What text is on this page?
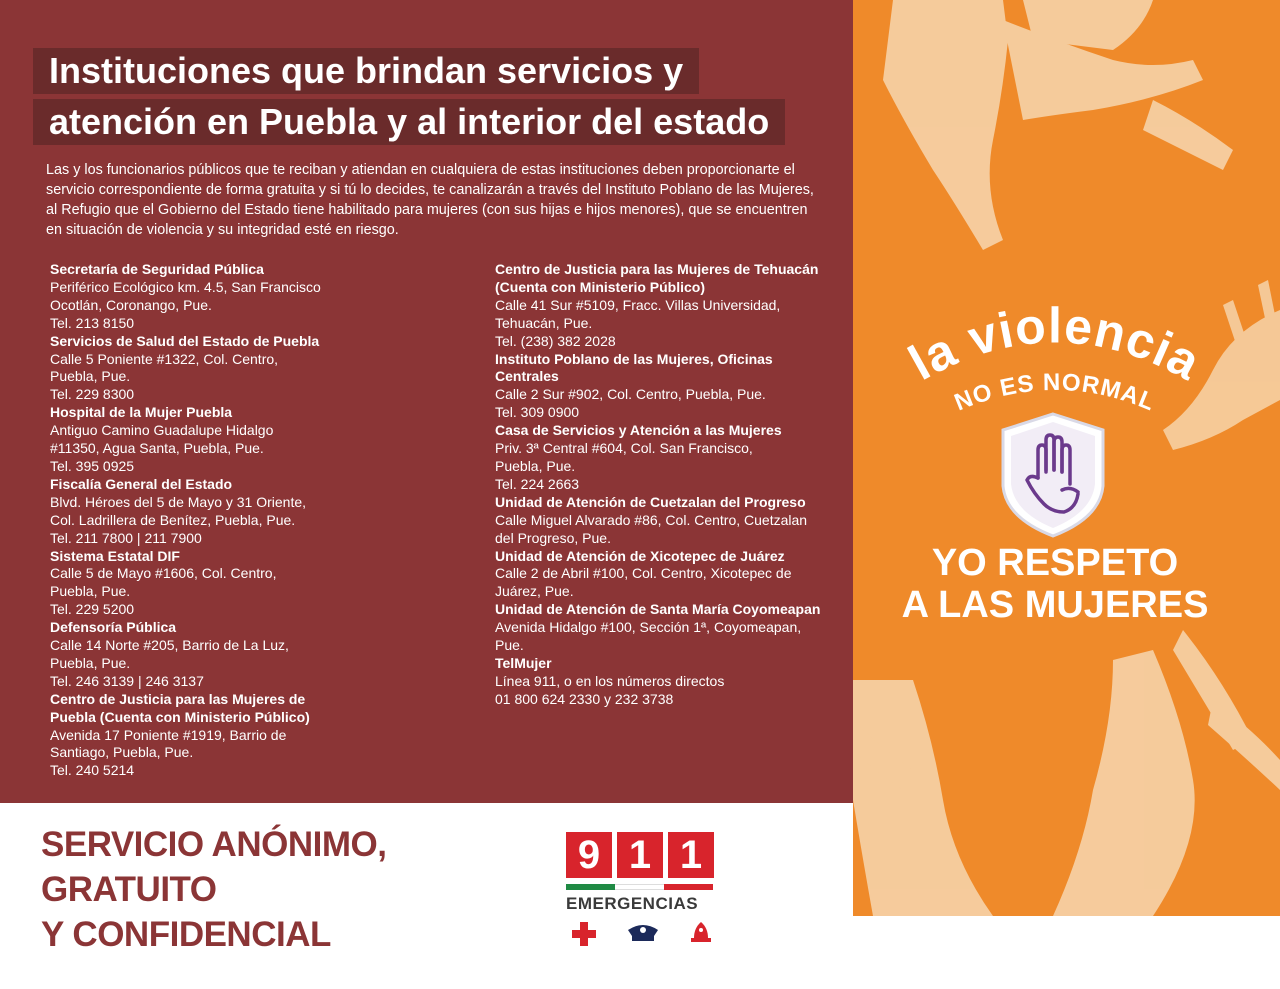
Instituciones que brindan servicios y
atención en Puebla y al interior del estado
Las y los funcionarios públicos que te reciban y atiendan en cualquiera de estas instituciones deben proporcionarte el servicio correspondiente de forma gratuita y si tú lo decides, te canalizarán a través del Instituto Poblano de las Mujeres, al Refugio que el Gobierno del Estado tiene habilitado para mujeres (con sus hijas e hijos menores), que se encuentren en situación de violencia y su integridad esté en riesgo.
Secretaría de Seguridad Pública
Periférico Ecológico km. 4.5, San Francisco
Ocotlán, Coronango, Pue.
Tel. 213 8150
Servicios de Salud del Estado de Puebla
Calle 5 Poniente #1322, Col. Centro,
Puebla, Pue.
Tel. 229 8300
Hospital de la Mujer Puebla
Antiguo Camino Guadalupe Hidalgo
#11350, Agua Santa, Puebla, Pue.
Tel. 395 0925
Fiscalía General del Estado
Blvd. Héroes del 5 de Mayo y 31 Oriente,
Col. Ladrillera de Benítez, Puebla, Pue.
Tel. 211 7800 | 211 7900
Sistema Estatal DIF
Calle 5 de Mayo #1606, Col. Centro,
Puebla, Pue.
Tel. 229 5200
Defensoría Pública
Calle 14 Norte #205, Barrio de La Luz,
Puebla, Pue.
Tel. 246 3139 | 246 3137
Centro de Justicia para las Mujeres de
Puebla (Cuenta con Ministerio Público)
Avenida 17 Poniente #1919, Barrio de
Santiago, Puebla, Pue.
Tel. 240 5214
Centro de Justicia para las Mujeres de Tehuacán
(Cuenta con Ministerio Público)
Calle 41 Sur #5109, Fracc. Villas Universidad,
Tehuacán, Pue.
Tel. (238) 382 2028
Instituto Poblano de las Mujeres, Oficinas
Centrales
Calle 2 Sur #902, Col. Centro, Puebla, Pue.
Tel. 309 0900
Casa de Servicios y Atención a las Mujeres
Priv. 3ª Central #604, Col. San Francisco,
Puebla, Pue.
Tel. 224 2663
Unidad de Atención de Cuetzalan del Progreso
Calle Miguel Alvarado #86, Col. Centro, Cuetzalan
del Progreso, Pue.
Unidad de Atención de Xicotepec de Juárez
Calle 2 de Abril #100, Col. Centro, Xicotepec de
Juárez, Pue.
Unidad de Atención de Santa María Coyomeapan
Avenida Hidalgo #100, Sección 1ª, Coyomeapan,
Pue.
TelMujer
Línea 911, o en los números directos
01 800 624 2330 y 232 3738
SERVICIO ANÓNIMO,
GRATUITO
Y CONFIDENCIAL
9 1 1
EMERGENCIAS
la violencia
NO ES NORMAL
YO RESPETO
A LAS MUJERES
